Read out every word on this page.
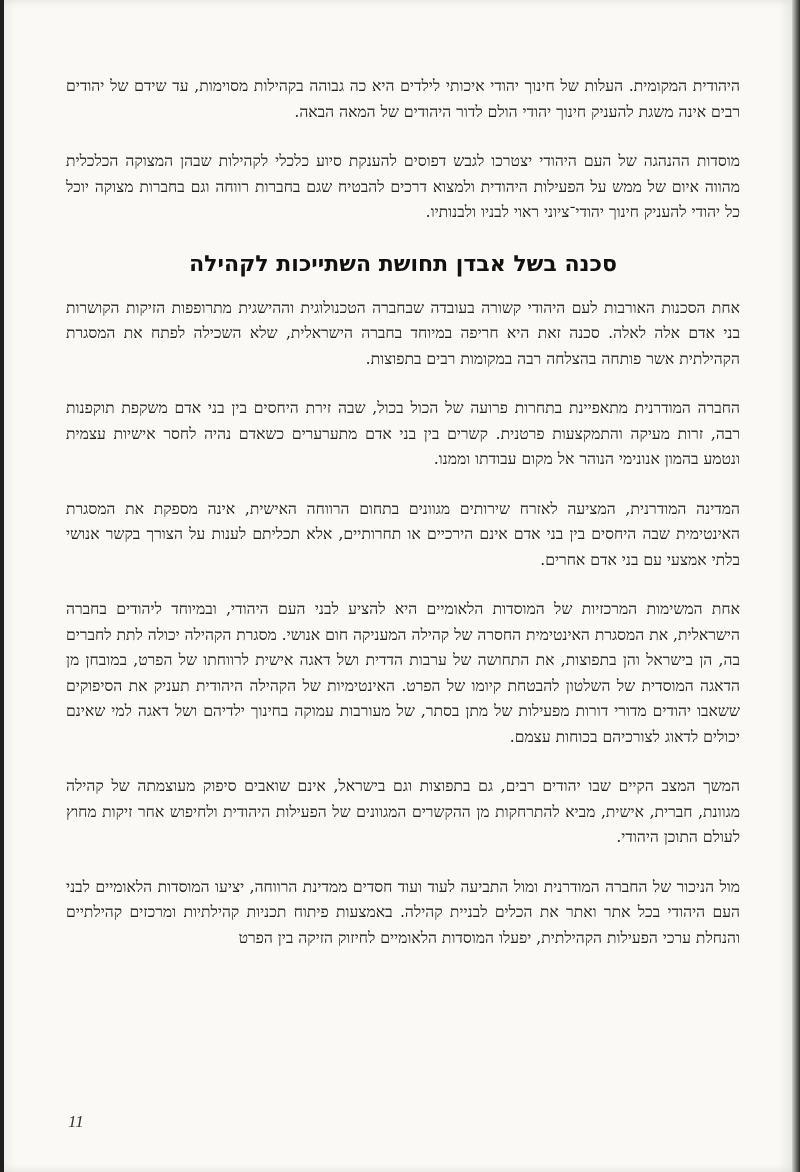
היהודית המקומית. העלות של חינוך יהודי איכותי לילדים היא כה גבוהה בקהילות מסוימות, עד שידם של יהודים רבים אינה משגת להעניק חינוך יהודי הולם לדור היהודים של המאה הבאה.

מוסדות ההנהגה של העם היהודי יצטרכו לגבש דפוסים להענקת סיוע כלכלי לקהילות שבהן המצוקה הכלכלית מהווה איום של ממש על הפעילות היהודית ולמצוא דרכים להבטיח שגם בחברות רווחה וגם בחברות מצוקה יוכל כל יהודי להעניק חינוך יהודי־ציוני ראוי לבניו ולבנותיו.

סכנה בשל אבדן תחושת השתייכות לקהילה

אחת הסכנות האורבות לעם היהודי קשורה בעובדה שבחברה הטכנולוגית וההישגית מתרופפות הזיקות הקושרות בני אדם אלה לאלה. סכנה זאת היא חריפה במיוחד בחברה הישראלית, שלא השכילה לפתח את המסגרת הקהילתית אשר פותחה בהצלחה רבה במקומות רבים בתפוצות.

החברה המודרנית מתאפיינת בתחרות פרועה של הכול בכול, שבה זירת היחסים בין בני אדם משקפת תוקפנות רבה, זרות מעיקה והתמקצעות פרטנית. קשרים בין בני אדם מתערערים כשאדם נהיה לחסר אישיות עצמית ונטמע בהמון אנונימי הנוהר אל מקום עבודתו וממנו.

המדינה המודרנית, המציעה לאזרח שירותים מגוונים בתחום הרווחה האישית, אינה מספקת את המסגרת האינטימית שבה היחסים בין בני אדם אינם הירכיים או תחרותיים, אלא תכליתם לענות על הצורך בקשר אנושי בלתי אמצעי עם בני אדם אחרים.

אחת המשימות המרכזיות של המוסדות הלאומיים היא להציע לבני העם היהודי, ובמיוחד ליהודים בחברה הישראלית, את המסגרת האינטימית החסרה של קהילה המעניקה חום אנושי. מסגרת הקהילה יכולה לתת לחברים בה, הן בישראל והן בתפוצות, את התחושה של ערבות הדדית ושל דאגה אישית לרווחתו של הפרט, במובחן מן הדאגה המוסדית של השלטון להבטחת קיומו של הפרט. האינטימיות של הקהילה היהודית תעניק את הסיפוקים ששאבו יהודים מדורי דורות מפעילות של מתן בסתר, של מעורבות עמוקה בחינוך ילדיהם ושל דאגה למי שאינם יכולים לדאוג לצורכיהם בכוחות עצמם.

המשך המצב הקיים שבו יהודים רבים, גם בתפוצות וגם בישראל, אינם שואבים סיפוק מעוצמתה של קהילה מגוונת, חברית, אישית, מביא להתרחקות מן ההקשרים המגוונים של הפעילות היהודית ולחיפוש אחר זיקות מחוץ לעולם התוכן היהודי.

מול הניכור של החברה המודרנית ומול התביעה לעוד ועוד חסדים ממדינת הרווחה, יציעו המוסדות הלאומיים לבני העם היהודי בכל אתר ואתר את הכלים לבניית קהילה. באמצעות פיתוח תכניות קהילתיות ומרכזים קהילתיים והנחלת ערכי הפעילות הקהילתית, יפעלו המוסדות הלאומיים לחיזוק הזיקה בין הפרט

11
